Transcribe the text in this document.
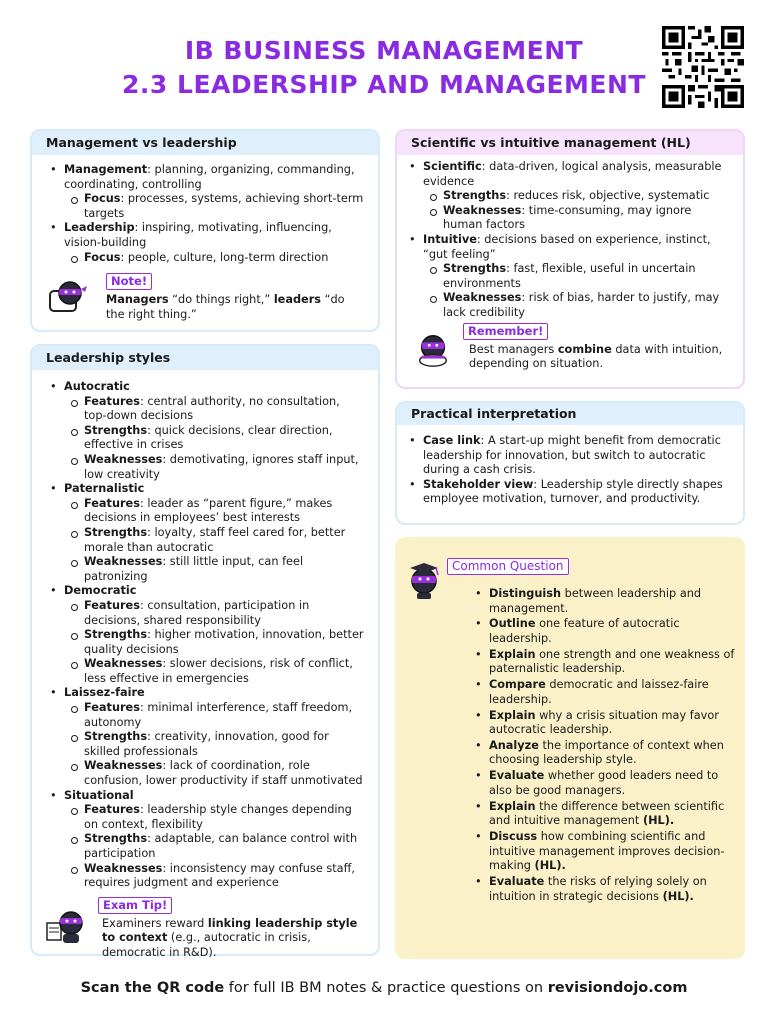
IB BUSINESS MANAGEMENT
2.3 LEADERSHIP AND MANAGEMENT
Management vs leadership
• Management: planning, organizing, commanding, coordinating, controlling
Focus: processes, systems, achieving short-term targets
• Leadership: inspiring, motivating, influencing, vision-building
Focus: people, culture, long-term direction
Note!
Managers “do things right,” leaders “do the right thing.”
Leadership styles
• Autocratic
Features: central authority, no consultation, top-down decisions
Strengths: quick decisions, clear direction, effective in crises
Weaknesses: demotivating, ignores staff input, low creativity
• Paternalistic
Features: leader as “parent figure,” makes decisions in employees’ best interests
Strengths: loyalty, staff feel cared for, better morale than autocratic
Weaknesses: still little input, can feel patronizing
• Democratic
Features: consultation, participation in decisions, shared responsibility
Strengths: higher motivation, innovation, better quality decisions
Weaknesses: slower decisions, risk of conflict, less effective in emergencies
• Laissez-faire
Features: minimal interference, staff freedom, autonomy
Strengths: creativity, innovation, good for skilled professionals
Weaknesses: lack of coordination, role confusion, lower productivity if staff unmotivated
• Situational
Features: leadership style changes depending on context, flexibility
Strengths: adaptable, can balance control with participation
Weaknesses: inconsistency may confuse staff, requires judgment and experience
Exam Tip!
Examiners reward linking leadership style to context (e.g., autocratic in crisis, democratic in R&D).
Scientific vs intuitive management (HL)
• Scientific: data-driven, logical analysis, measurable evidence
Strengths: reduces risk, objective, systematic
Weaknesses: time-consuming, may ignore human factors
• Intuitive: decisions based on experience, instinct, “gut feeling”
Strengths: fast, flexible, useful in uncertain environments
Weaknesses: risk of bias, harder to justify, may lack credibility
Remember!
Best managers combine data with intuition, depending on situation.
Practical interpretation
• Case link: A start-up might benefit from democratic leadership for innovation, but switch to autocratic during a cash crisis.
• Stakeholder view: Leadership style directly shapes employee motivation, turnover, and productivity.
Common Question
• Distinguish between leadership and management.
• Outline one feature of autocratic leadership.
• Explain one strength and one weakness of paternalistic leadership.
• Compare democratic and laissez-faire leadership.
• Explain why a crisis situation may favor autocratic leadership.
• Analyze the importance of context when choosing leadership style.
• Evaluate whether good leaders need to also be good managers.
• Explain the difference between scientific and intuitive management (HL).
• Discuss how combining scientific and intuitive management improves decision-making (HL).
• Evaluate the risks of relying solely on intuition in strategic decisions (HL).
Scan the QR code for full IB BM notes & practice questions on revisiondojo.com
